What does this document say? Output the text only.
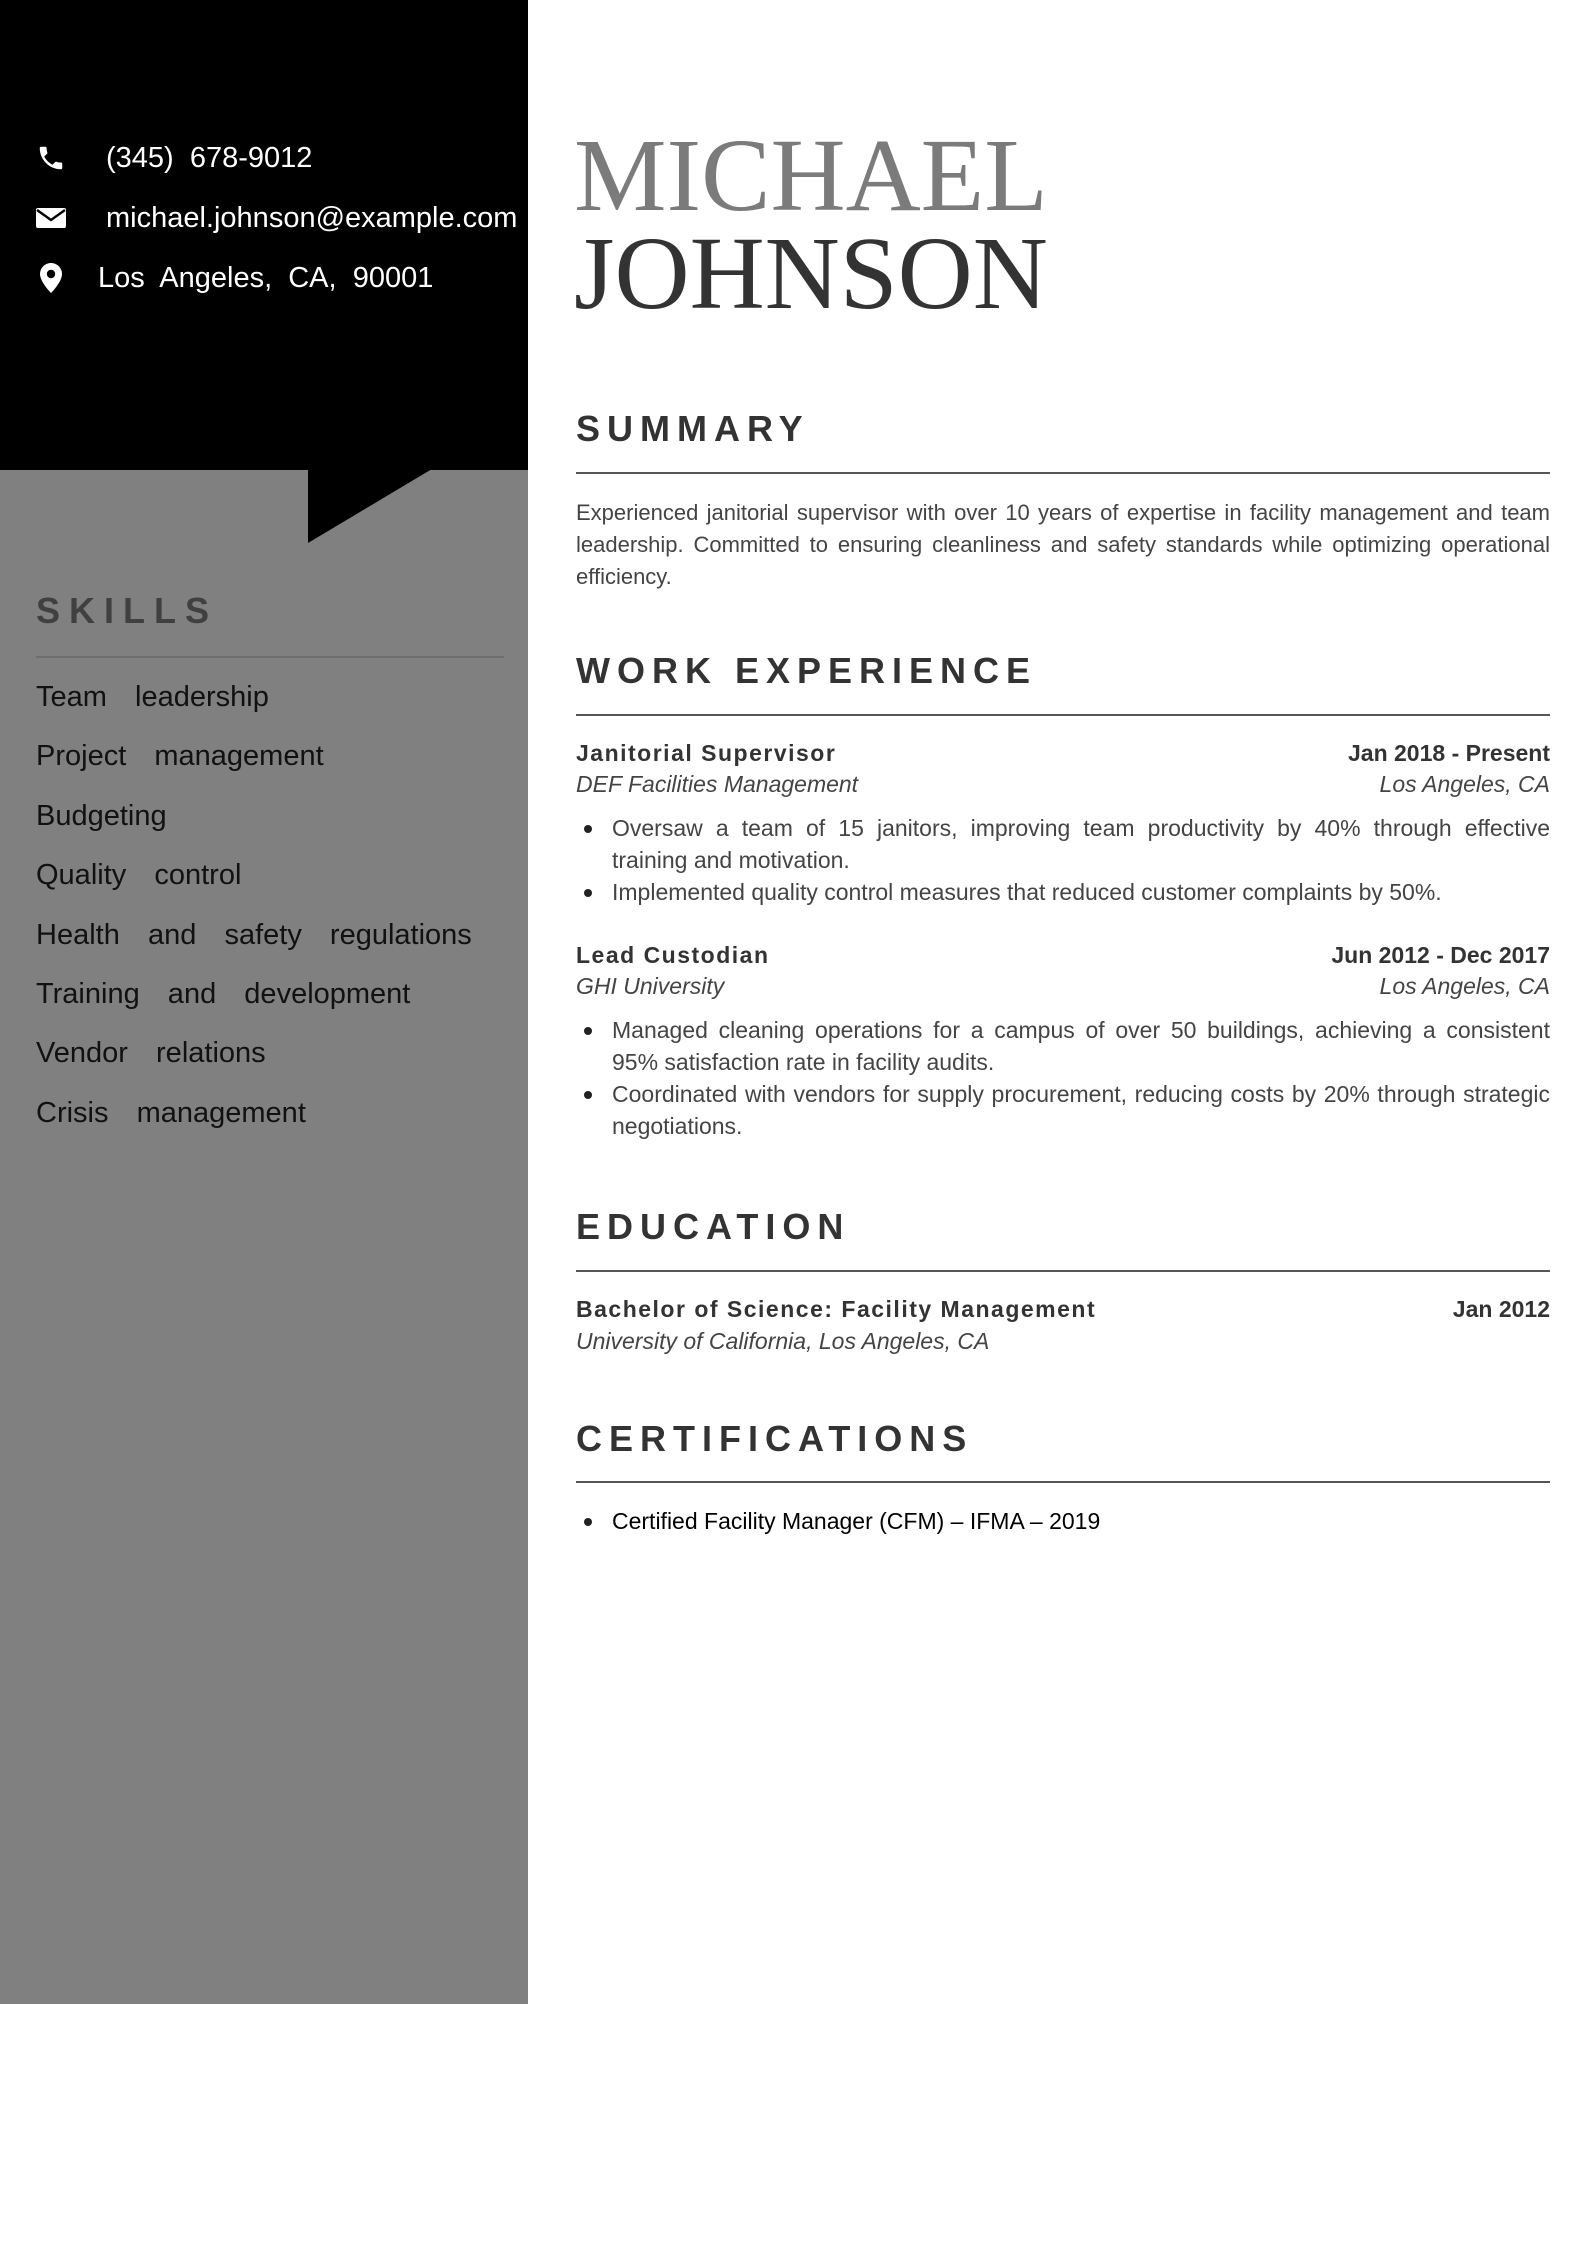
(345)  678-9012
michael.johnson@example.com
Los  Angeles,  CA,  90001
SKILLS
Team  leadership
Project  management
Budgeting
Quality  control
Health  and  safety  regulations
Training  and  development
Vendor  relations
Crisis  management
MICHAEL
JOHNSON
SUMMARY
Experienced janitorial supervisor with over 10 years of expertise in facility management and team leadership. Committed to ensuring cleanliness and safety standards while optimizing operational efficiency.
WORK EXPERIENCE
Janitorial Supervisor	Jan 2018 - Present
DEF Facilities Management	Los Angeles, CA
Oversaw a team of 15 janitors, improving team productivity by 40% through effective training and motivation.
Implemented quality control measures that reduced customer complaints by 50%.
Lead Custodian	Jun 2012 - Dec 2017
GHI University	Los Angeles, CA
Managed cleaning operations for a campus of over 50 buildings, achieving a consistent 95% satisfaction rate in facility audits.
Coordinated with vendors for supply procurement, reducing costs by 20% through strategic negotiations.
EDUCATION
Bachelor of Science: Facility Management	Jan 2012
University of California, Los Angeles, CA
CERTIFICATIONS
Certified Facility Manager (CFM) – IFMA – 2019
